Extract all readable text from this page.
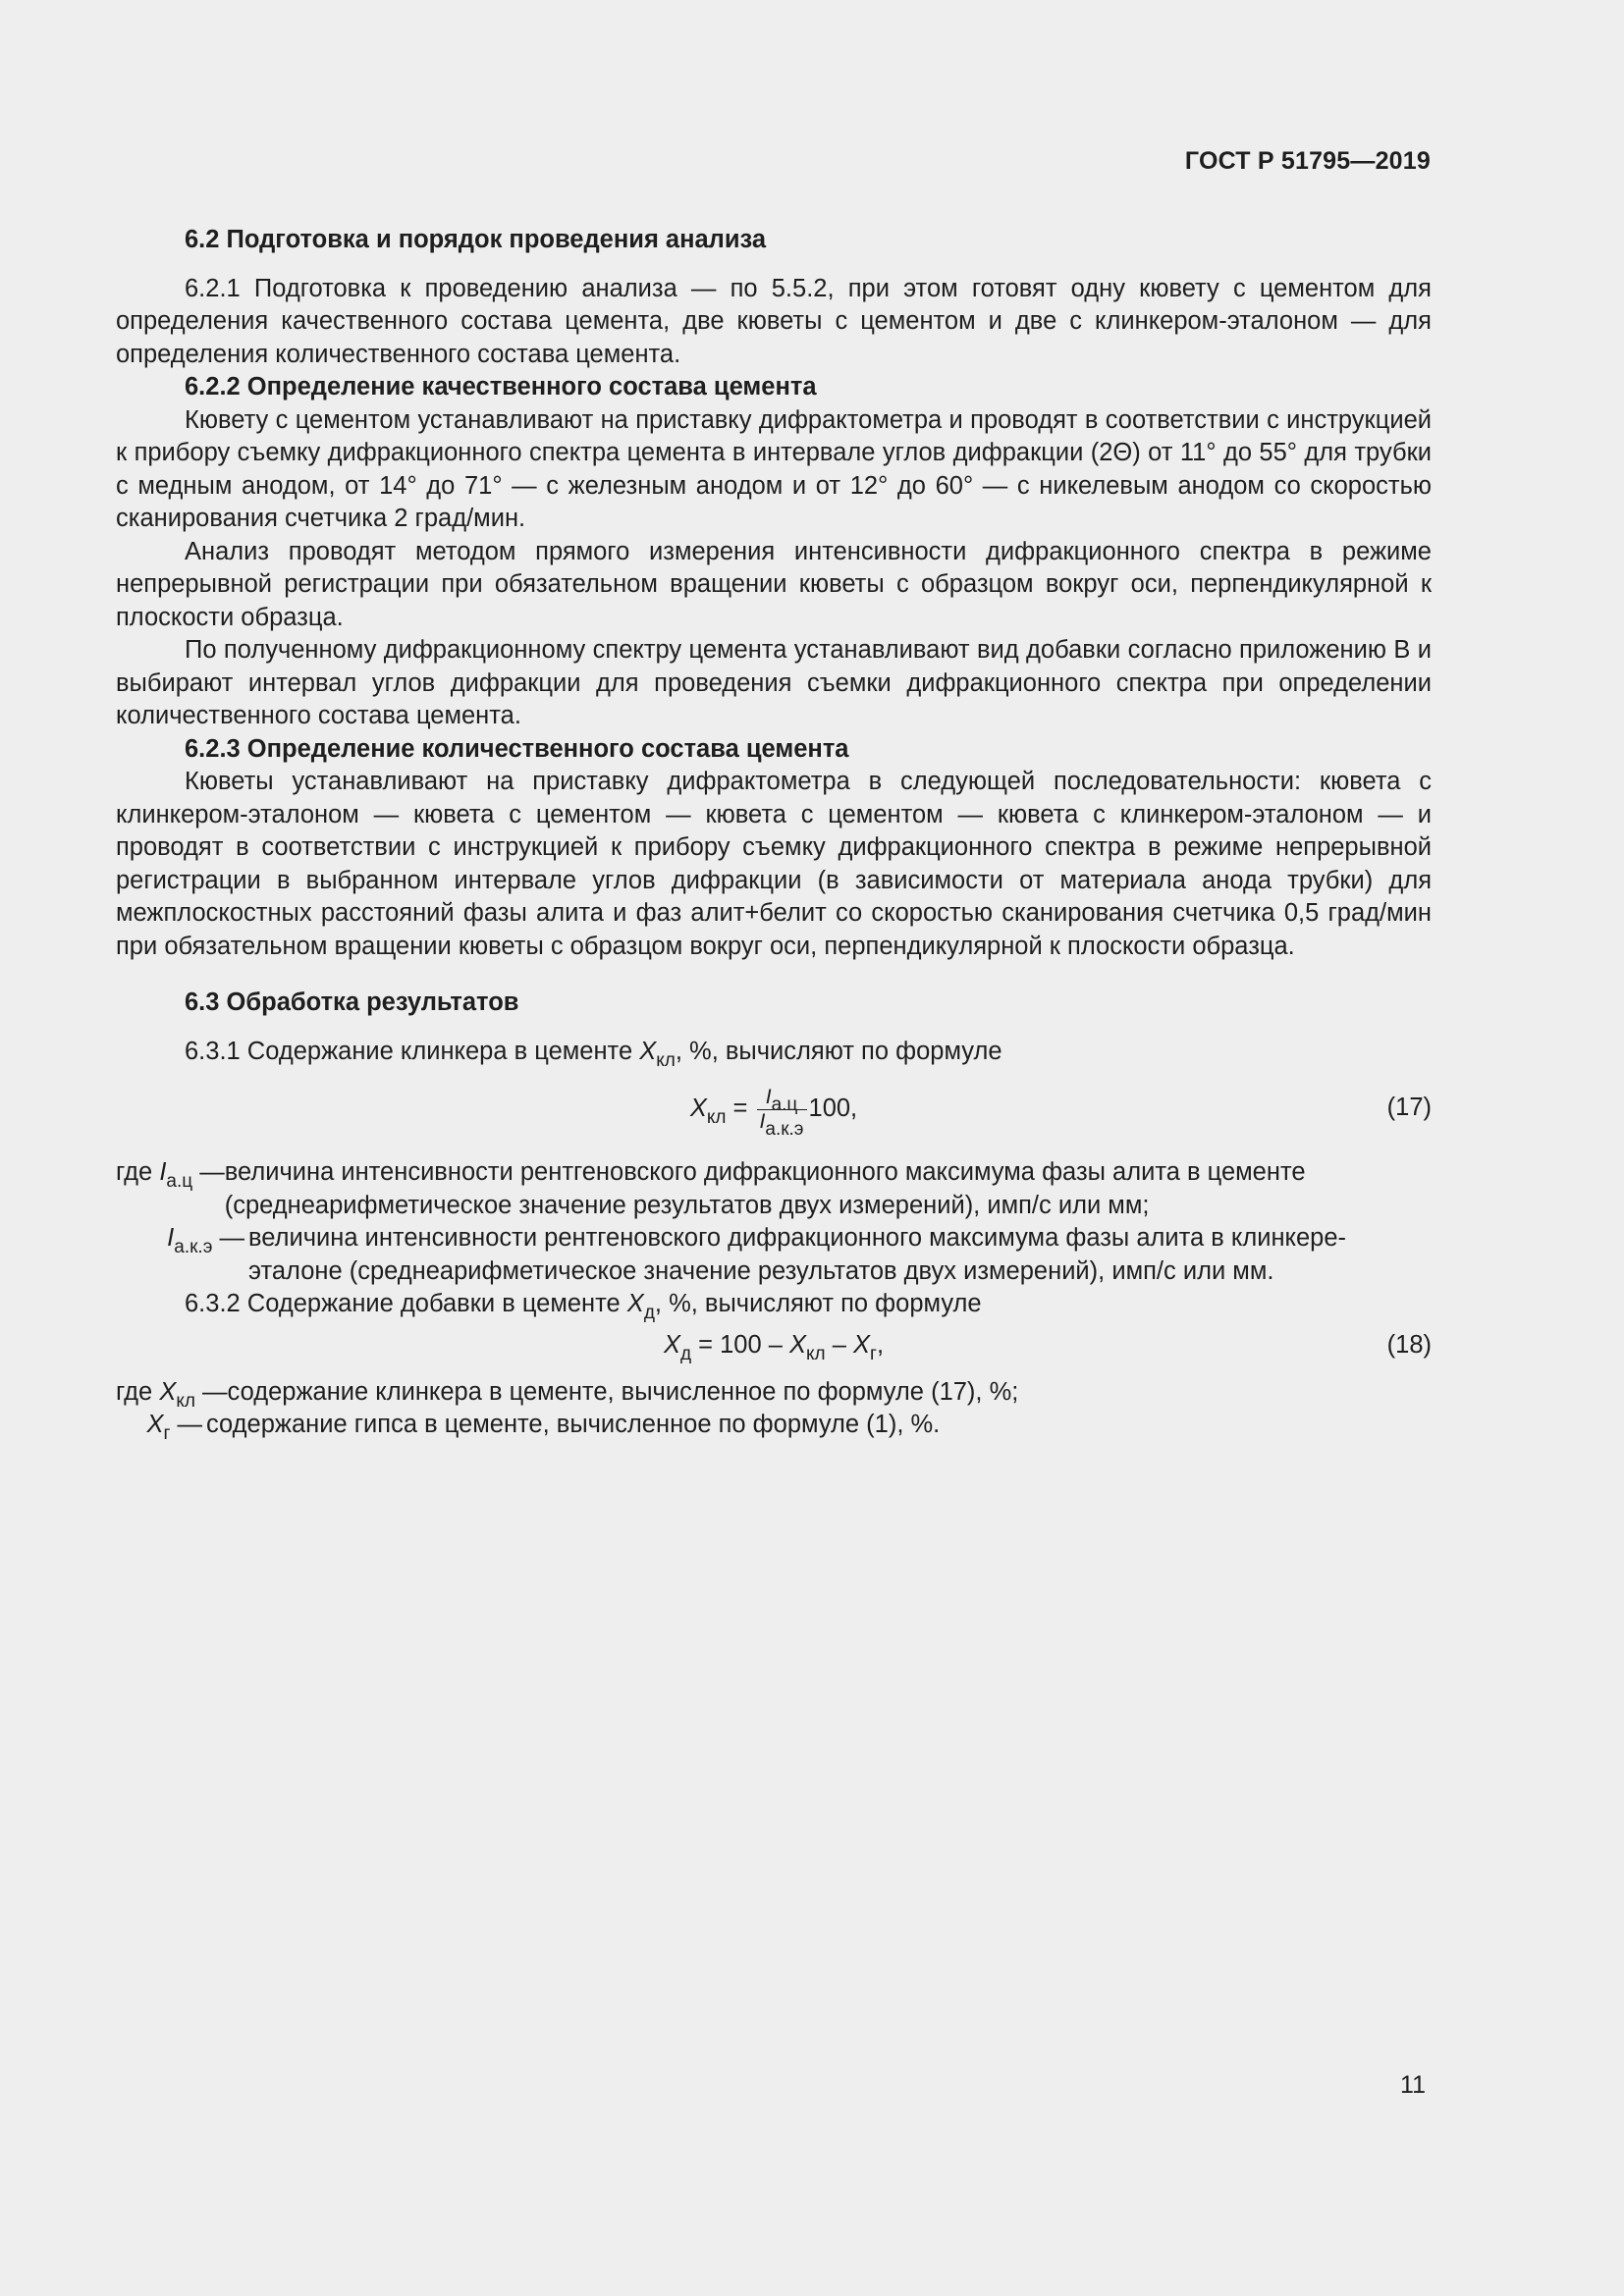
ГОСТ Р 51795—2019

6.2 Подготовка и порядок проведения анализа

6.2.1 Подготовка к проведению анализа — по 5.5.2, при этом готовят одну кювету с цементом для определения качественного состава цемента, две кюветы с цементом и две с клинкером-эталоном — для определения количественного состава цемента.

6.2.2 Определение качественного состава цемента

Кювету с цементом устанавливают на приставку дифрактометра и проводят в соответствии с инструкцией к прибору съемку дифракционного спектра цемента в интервале углов дифракции (2Θ) от 11° до 55° для трубки с медным анодом, от 14° до 71° — с железным анодом и от 12° до 60° — с никелевым анодом со скоростью сканирования счетчика 2 град/мин.

Анализ проводят методом прямого измерения интенсивности дифракционного спектра в режиме непрерывной регистрации при обязательном вращении кюветы с образцом вокруг оси, перпендикулярной к плоскости образца.

По полученному дифракционному спектру цемента устанавливают вид добавки согласно приложению В и выбирают интервал углов дифракции для проведения съемки дифракционного спектра при определении количественного состава цемента.

6.2.3 Определение количественного состава цемента

Кюветы устанавливают на приставку дифрактометра в следующей последовательности: кювета с клинкером-эталоном — кювета с цементом — кювета с цементом — кювета с клинкером-эталоном — и проводят в соответствии с инструкцией к прибору съемку дифракционного спектра в режиме непрерывной регистрации в выбранном интервале углов дифракции (в зависимости от материала анода трубки) для межплоскостных расстояний фазы алита и фаз алит+белит со скоростью сканирования счетчика 0,5 град/мин при обязательном вращении кюветы с образцом вокруг оси, перпендикулярной к плоскости образца.

6.3 Обработка результатов

6.3.1 Содержание клинкера в цементе $X_{кл}$, %, вычисляют по формуле

$X_{кл} = \frac{I_{а.ц}}{I_{а.к.э}} 100$,	(17)
где $I_{а.ц}$ — величина интенсивности рентгеновского дифракционного максимума фазы алита в цементе (среднеарифметическое значение результатов двух измерений), имп/с или мм;
$I_{а.к.э}$ — величина интенсивности рентгеновского дифракционного максимума фазы алита в клинкере-эталоне (среднеарифметическое значение результатов двух измерений), имп/с или мм.

6.3.2 Содержание добавки в цементе $X_д$, %, вычисляют по формуле

$X_д = 100 - X_{кл} - X_г$,	(18)
где $X_{кл}$ — содержание клинкера в цементе, вычисленное по формуле (17), %;
$X_г$ — содержание гипса в цементе, вычисленное по формуле (1), %.
11
